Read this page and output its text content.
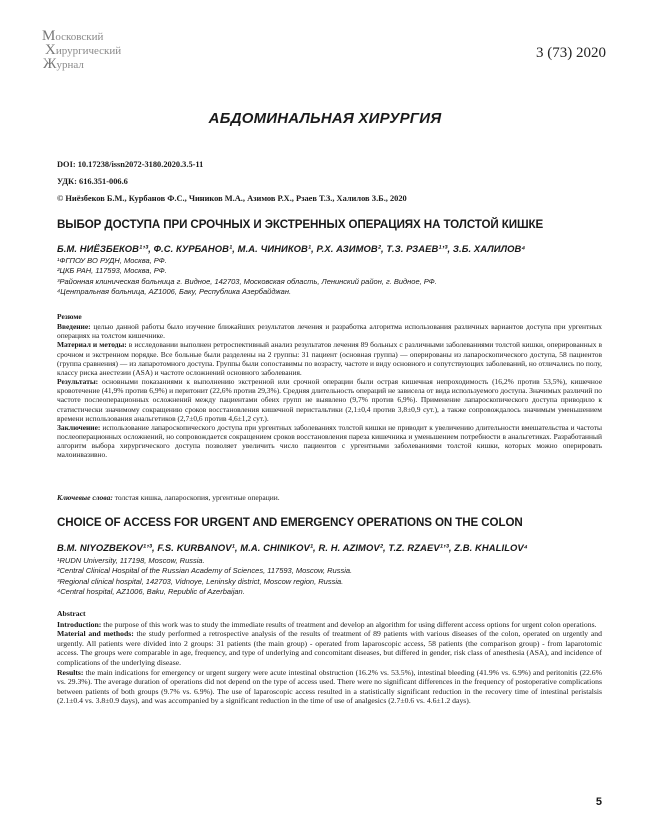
Московский
Хирургический
Журнал
3 (73) 2020
АБДОМИНАЛЬНАЯ ХИРУРГИЯ
DOI: 10.17238/issn2072-3180.2020.3.5-11
УДК: 616.351-006.6
© Ниёзбеков Б.М., Курбанов Ф.С., Чиников М.А., Азимов Р.Х., Рзаев Т.З., Халилов З.Б., 2020
ВЫБОР ДОСТУПА ПРИ СРОЧНЫХ И ЭКСТРЕННЫХ ОПЕРАЦИЯХ НА ТОЛСТОЙ КИШКЕ
Б.М. НИЁЗБЕКОВ¹ʼ³, Ф.С. КУРБАНОВ¹, М.А. ЧИНИКОВ¹, Р.Х. АЗИМОВ², Т.З. РЗАЕВ¹ʼ³, З.Б. ХАЛИЛОВ⁴
¹ФГПОУ ВО РУДН, Москва, РФ.
²ЦКБ РАН, 117593, Москва, РФ.
³Районная клиническая больница г. Видное, 142703, Московская область, Ленинский район, г. Видное, РФ.
⁴Центральная больница, AZ1006, Баку, Республика Азербайджан.
Резюме

Введение: целью данной работы было изучение ближайших результатов лечения и разработка алгоритма использования различных вариантов доступа при ургентных операциях на толстом кишечнике.

Материал и методы: в исследовании выполнен ретроспективный анализ результатов лечения 89 больных с различными заболеваниями толстой кишки, оперированных в срочном и экстренном порядке. Все больные были разделены на 2 группы: 31 пациент (основная группа) — оперированы из лапароскопического доступа, 58 пациентов (группа сравнения) — из лапаротомного доступа. Группы были сопоставимы по возрасту, частоте и виду основного и сопутствующих заболеваний, но отличались по полу, классу риска анестезии (ASA) и частоте осложнений основного заболевания.

Результаты: основными показаниями к выполнению экстренной или срочной операции были острая кишечная непроходимость (16,2% против 53,5%), кишечное кровотечение (41,9% против 6,9%) и перитонит (22,6% против 29,3%). Средняя длительность операций не зависела от вида используемого доступа. Значимых различий по частоте послеоперационных осложнений между пациентами обеих групп не выявлено (9,7% против 6,9%). Применение лапароскопического доступа приводило к статистически значимому сокращению сроков восстановления кишечной перистальтики (2,1±0,4 против 3,8±0,9 сут.), а также сопровождалось значимым уменьшением времени использования анальгетиков (2,7±0,6 против 4,6±1,2 сут.).

Заключение: использование лапароскопического доступа при ургентных заболеваниях толстой кишки не приводит к увеличению длительности вмешательства и частоты послеоперационных осложнений, но сопровождается сокращением сроков восстановления пареза кишечника и уменьшением потребности в анальгетиках. Разработанный алгоритм выбора хирургического доступа позволяет увеличить число пациентов с ургентными заболеваниями толстой кишки, которых можно оперировать малоинвазивно.

Ключевые слова: толстая кишка, лапароскопия, ургентные операции.
CHOICE OF ACCESS FOR URGENT AND EMERGENCY OPERATIONS ON THE COLON
B.M. NIYOZBEKOV¹ʼ³, F.S. KURBANOV¹, M.A. CHINIKOV¹, R. H. AZIMOV², T.Z. RZAEV¹ʼ³, Z.B. KHALILOV⁴
¹RUDN University, 117198, Moscow, Russia.
²Central Clinical Hospital of the Russian Academy of Sciences, 117593, Moscow, Russia.
³Regional clinical hospital, 142703, Vidnoye, Leninsky district, Moscow region, Russia.
⁴Central hospital, AZ1006, Baku, Republic of Azerbaijan.
Abstract

Introduction: the purpose of this work was to study the immediate results of treatment and develop an algorithm for using different access options for urgent colon operations.

Material and methods: the study performed a retrospective analysis of the results of treatment of 89 patients with various diseases of the colon, operated on urgently and urgently. All patients were divided into 2 groups: 31 patients (the main group) - operated from laparoscopic access, 58 patients (the comparison group) - from laparotomic access. The groups were comparable in age, frequency, and type of underlying and concomitant diseases, but differed in gender, risk class of anesthesia (ASA), and incidence of complications of the underlying disease.

Results: the main indications for emergency or urgent surgery were acute intestinal obstruction (16.2% vs. 53.5%), intestinal bleeding (41.9% vs. 6.9%) and peritonitis (22.6% vs. 29.3%). The average duration of operations did not depend on the type of access used. There were no significant differences in the frequency of postoperative complications between patients of both groups (9.7% vs. 6.9%). The use of laparoscopic access resulted in a statistically significant reduction in the recovery time of intestinal peristalsis (2.1±0.4 vs. 3.8±0.9 days), and was accompanied by a significant reduction in the time of use of analgesics (2.7±0.6 vs. 4.6±1.2 days).

5
